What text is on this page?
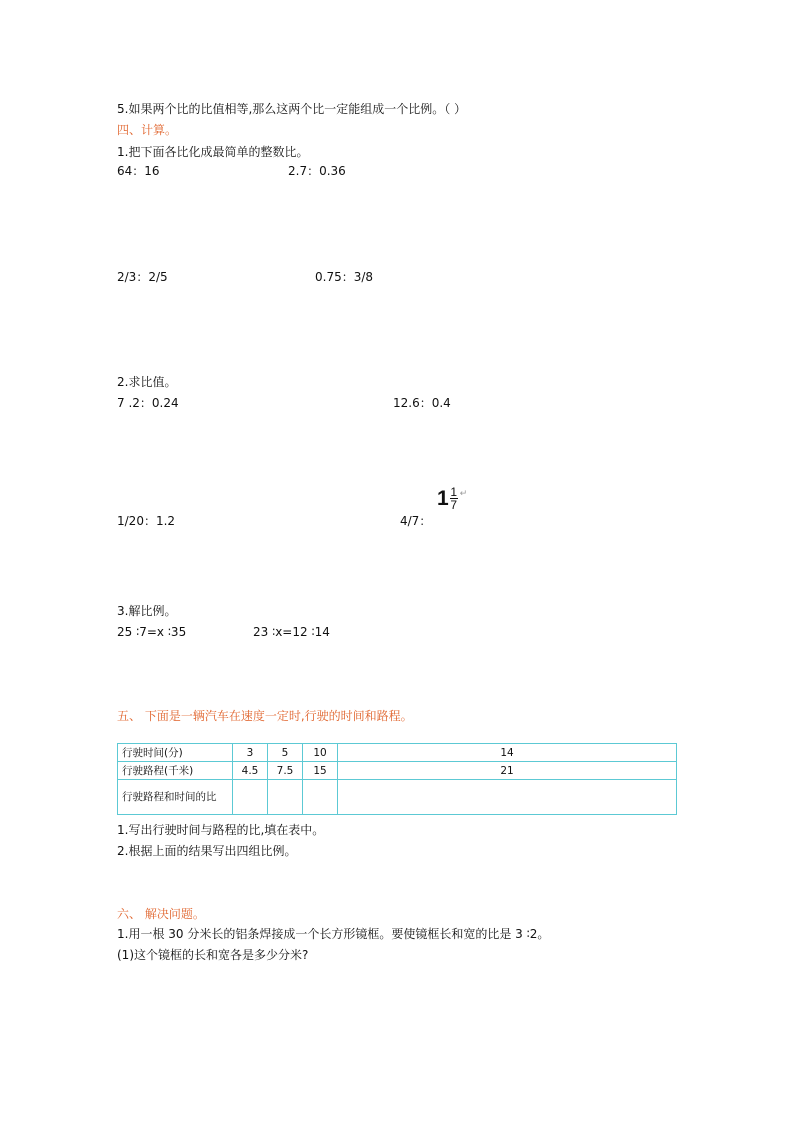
5.如果两个比的比值相等,那么这两个比一定能组成一个比例。（ ）
四、计算。
1.把下面各比化成最简单的整数比。
64：16	2.7：0.36
2/3：2/5	0.75：3/8
2.求比值。
7 .2：0.24	12.6：0.4
1/20：1.2	4/7：
$1 \frac{1}{7}$ ↵
3.解比例。
25 ∶7=x ∶35	23 ∶x=12 ∶14
五、 下面是一辆汽车在速度一定时,行驶的时间和路程。
行驶时间(分)	3	5	10	14
行驶路程(千米)	4.5	7.5	15	21
行驶路程和时间的比				
1.写出行驶时间与路程的比,填在表中。
2.根据上面的结果写出四组比例。
六、 解决问题。
1.用一根 30 分米长的铝条焊接成一个长方形镜框。要使镜框长和宽的比是 3 ∶2。
(1)这个镜框的长和宽各是多少分米?
